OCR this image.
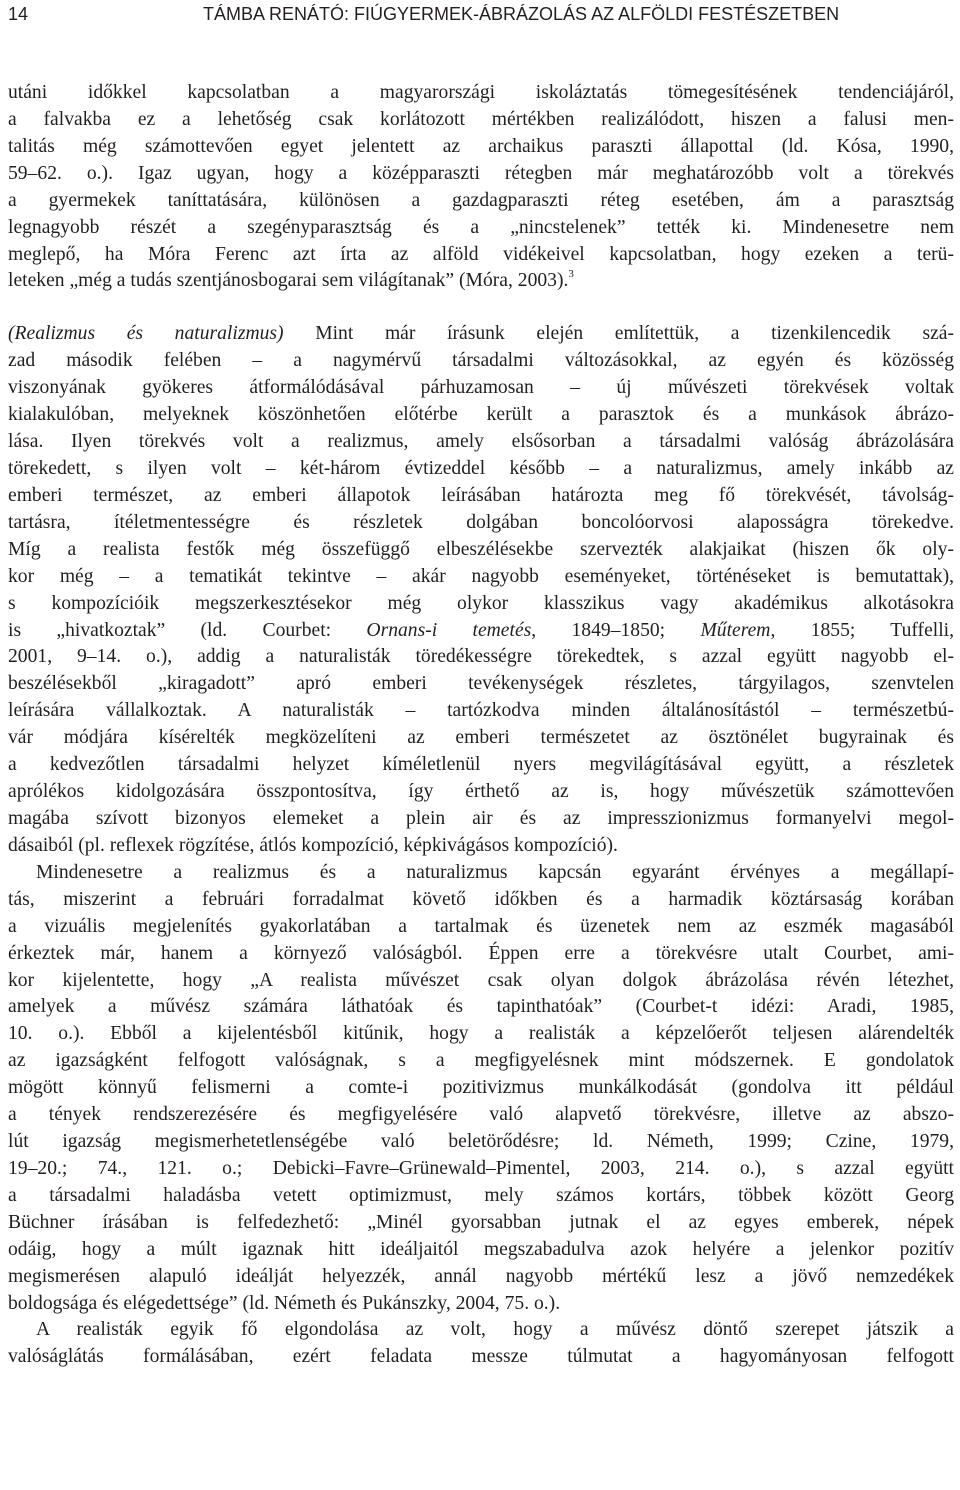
14	TÁMBA RENÁTÓ: FIÚGYERMEK-ÁBRÁZOLÁS AZ ALFÖLDI FESTÉSZETBEN

utáni időkkel kapcsolatban a magyarországi iskoláztatás tömegesítésének tendenciájáról,
a falvakba ez a lehetőség csak korlátozott mértékben realizálódott, hiszen a falusi men-
talitás még számottevően egyet jelentett az archaikus paraszti állapottal (ld. Kósa, 1990,
59–62. o.). Igaz ugyan, hogy a középparaszti rétegben már meghatározóbb volt a törekvés
a gyermekek taníttatására, különösen a gazdagparaszti réteg esetében, ám a parasztság
legnagyobb részét a szegényparasztság és a „nincstelenek” tették ki. Mindenesetre nem
meglepő, ha Móra Ferenc azt írta az alföld vidékeivel kapcsolatban, hogy ezeken a terü-
leteken „még a tudás szentjánosbogarai sem világítanak” (Móra, 2003).$^3$

(Realizmus és naturalizmus) Mint már írásunk elején említettük, a tizenkilencedik szá-
zad második felében – a nagymérvű társadalmi változásokkal, az egyén és közösség
viszonyának gyökeres átformálódásával párhuzamosan – új művészeti törekvések voltak
kialakulóban, melyeknek köszönhetően előtérbe került a parasztok és a munkások ábrázo-
lása. Ilyen törekvés volt a realizmus, amely elsősorban a társadalmi valóság ábrázolására
törekedett, s ilyen volt – két-három évtizeddel később – a naturalizmus, amely inkább az
emberi természet, az emberi állapotok leírásában határozta meg fő törekvését, távolság-
tartásra, ítéletmentességre és részletek dolgában boncolóorvosi alaposságra törekedve.
Míg a realista festők még összefüggő elbeszélésekbe szervezték alakjaikat (hiszen ők oly-
kor még – a tematikát tekintve – akár nagyobb eseményeket, történéseket is bemutattak),
s kompozícióik megszerkesztésekor még olykor klasszikus vagy akadémikus alkotásokra
is „hivatkoztak” (ld. Courbet: Ornans-i temetés, 1849–1850; Műterem, 1855; Tuffelli,
2001, 9–14. o.), addig a naturalisták töredékességre törekedtek, s azzal együtt nagyobb el-
beszélésekből „kiragadott” apró emberi tevékenységek részletes, tárgyilagos, szenvtelen
leírására vállalkoztak. A naturalisták – tartózkodva minden általánosítástól – természetbú-
vár módjára kísérelték megközelíteni az emberi természetet az ösztönélet bugyrainak és
a kedvezőtlen társadalmi helyzet kíméletlenül nyers megvilágításával együtt, a részletek
aprólékos kidolgozására összpontosítva, így érthető az is, hogy művészetük számottevően
magába szívott bizonyos elemeket a plein air és az impresszionizmus formanyelvi megol-
dásaiból (pl. reflexek rögzítése, átlós kompozíció, képkivágásos kompozíció).

Mindenesetre a realizmus és a naturalizmus kapcsán egyaránt érvényes a megállapí-
tás, miszerint a februári forradalmat követő időkben és a harmadik köztársaság korában
a vizuális megjelenítés gyakorlatában a tartalmak és üzenetek nem az eszmék magasából
érkeztek már, hanem a környező valóságból. Éppen erre a törekvésre utalt Courbet, ami-
kor kijelentette, hogy „A realista művészet csak olyan dolgok ábrázolása révén létezhet,
amelyek a művész számára láthatóak és tapinthatóak” (Courbet-t idézi: Aradi, 1985,
10. o.). Ebből a kijelentésből kitűnik, hogy a realisták a képzelőerőt teljesen alárendelték
az igazságként felfogott valóságnak, s a megfigyelésnek mint módszernek. E gondolatok
mögött könnyű felismerni a comte-i pozitivizmus munkálkodását (gondolva itt például
a tények rendszerezésére és megfigyelésére való alapvető törekvésre, illetve az abszo-
lút igazság megismerhetetlenségébe való beletörődésre; ld. Németh, 1999; Czine, 1979,
19–20.; 74., 121. o.; Debicki–Favre–Grünewald–Pimentel, 2003, 214. o.), s azzal együtt
a társadalmi haladásba vetett optimizmust, mely számos kortárs, többek között Georg
Büchner írásában is felfedezhető: „Minél gyorsabban jutnak el az egyes emberek, népek
odáig, hogy a múlt igaznak hitt ideáljaitól megszabadulva azok helyére a jelenkor pozitív
megismerésen alapuló ideálját helyezzék, annál nagyobb mértékű lesz a jövő nemzedékek
boldogsága és elégedettsége” (ld. Németh és Pukánszky, 2004, 75. o.).

A realisták egyik fő elgondolása az volt, hogy a művész döntő szerepet játszik a
valóságlátás formálásában, ezért feladata messze túlmutat a hagyományosan felfogott
